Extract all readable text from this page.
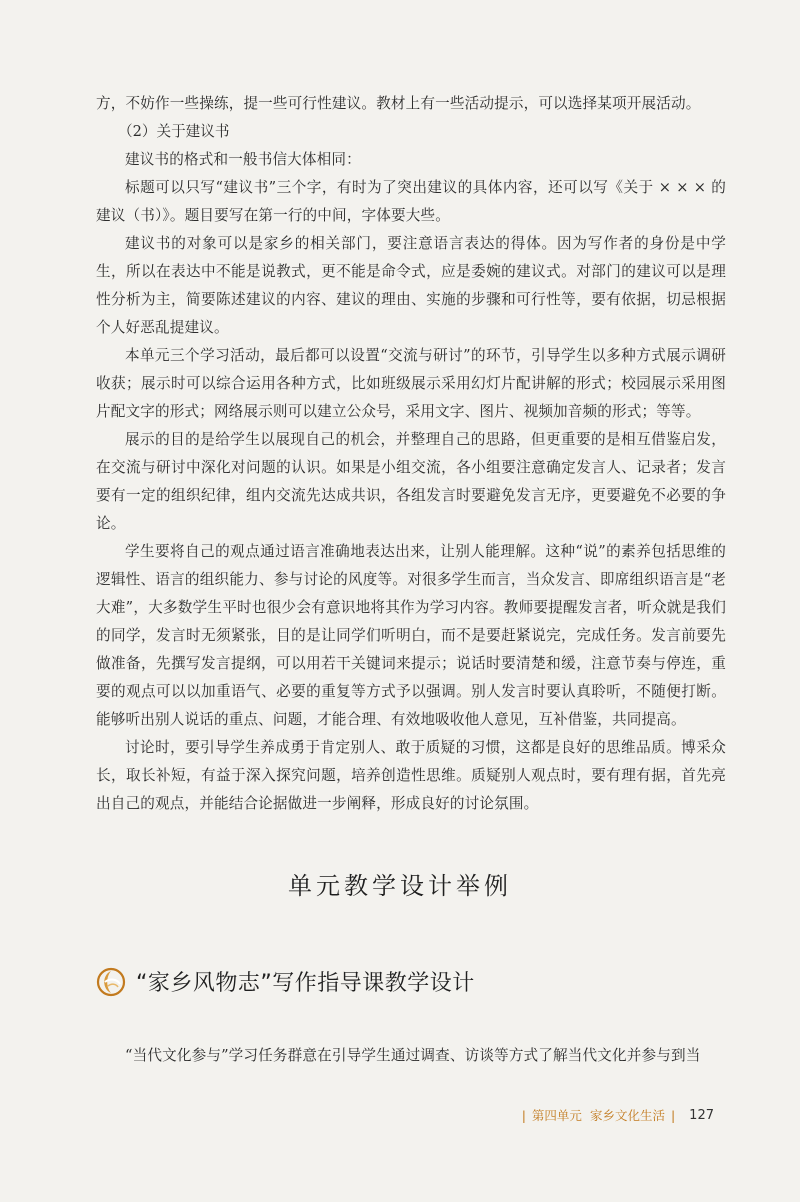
方，不妨作一些操练，提一些可行性建议。教材上有一些活动提示，可以选择某项开展活动。

（2）关于建议书

建议书的格式和一般书信大体相同：

标题可以只写“建议书”三个字，有时为了突出建议的具体内容，还可以写《关于 × × × 的建议（书）》。题目要写在第一行的中间，字体要大些。

建议书的对象可以是家乡的相关部门，要注意语言表达的得体。因为写作者的身份是中学生，所以在表达中不能是说教式，更不能是命令式，应是委婉的建议式。对部门的建议可以是理性分析为主，简要陈述建议的内容、建议的理由、实施的步骤和可行性等，要有依据，切忌根据个人好恶乱提建议。

本单元三个学习活动，最后都可以设置“交流与研讨”的环节，引导学生以多种方式展示调研收获；展示时可以综合运用各种方式，比如班级展示采用幻灯片配讲解的形式；校园展示采用图片配文字的形式；网络展示则可以建立公众号，采用文字、图片、视频加音频的形式；等等。

展示的目的是给学生以展现自己的机会，并整理自己的思路，但更重要的是相互借鉴启发，在交流与研讨中深化对问题的认识。如果是小组交流，各小组要注意确定发言人、记录者；发言要有一定的组织纪律，组内交流先达成共识，各组发言时要避免发言无序，更要避免不必要的争论。

学生要将自己的观点通过语言准确地表达出来，让别人能理解。这种“说”的素养包括思维的逻辑性、语言的组织能力、参与讨论的风度等。对很多学生而言，当众发言、即席组织语言是“老大难”，大多数学生平时也很少会有意识地将其作为学习内容。教师要提醒发言者，听众就是我们的同学，发言时无须紧张，目的是让同学们听明白，而不是要赶紧说完，完成任务。发言前要先做准备，先撰写发言提纲，可以用若干关键词来提示；说话时要清楚和缓，注意节奏与停连，重要的观点可以以加重语气、必要的重复等方式予以强调。别人发言时要认真聆听，不随便打断。能够听出别人说话的重点、问题，才能合理、有效地吸收他人意见，互补借鉴，共同提高。

讨论时，要引导学生养成勇于肯定别人、敢于质疑的习惯，这都是良好的思维品质。博采众长，取长补短，有益于深入探究问题，培养创造性思维。质疑别人观点时，要有理有据，首先亮出自己的观点，并能结合论据做进一步阐释，形成良好的讨论氛围。

单元教学设计举例
“家乡风物志”写作指导课教学设计

“当代文化参与”学习任务群意在引导学生通过调查、访谈等方式了解当代文化并参与到当

| 第四单元 家乡文化生活 | 127
